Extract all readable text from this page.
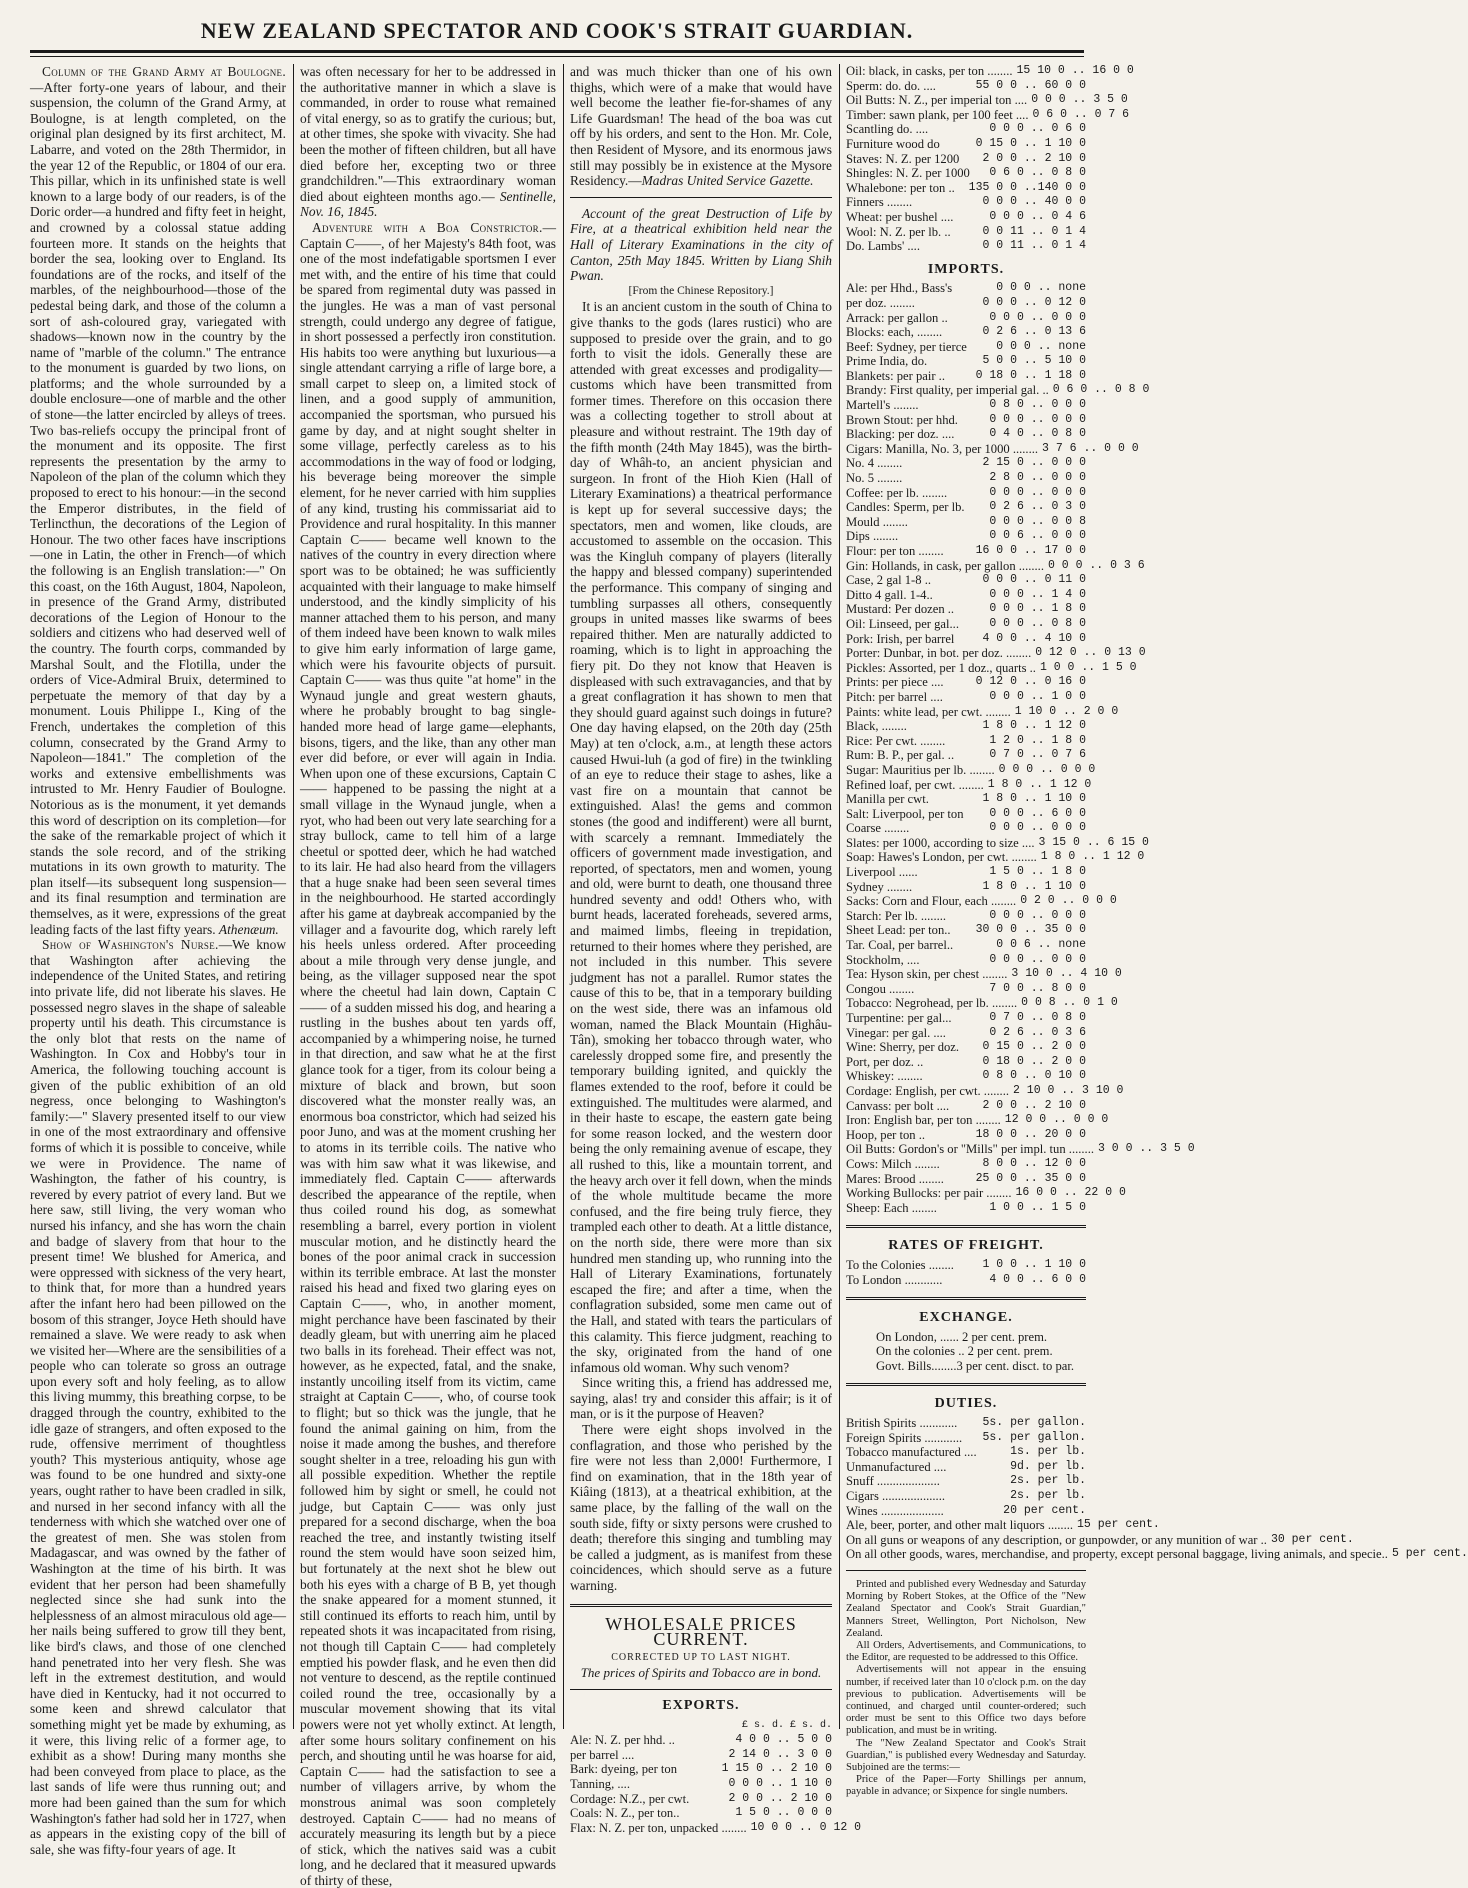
NEW ZEALAND SPECTATOR AND COOK'S STRAIT GUARDIAN.

Column of the Grand Army at Boulogne.—After forty-one years of labour, and their suspension, the column of the Grand Army, at Boulogne, is at length completed, on the original plan designed by its first architect, M. Labarre, and voted on the 28th Thermidor, in the year 12 of the Republic, or 1804 of our era. This pillar, which in its unfinished state is well known to a large body of our readers, is of the Doric order—a hundred and fifty feet in height, and crowned by a colossal statue adding fourteen more. It stands on the heights that border the sea, looking over to England. Its foundations are of the rocks, and itself of the marbles, of the neighbourhood—those of the pedestal being dark, and those of the column a sort of ash-coloured gray, variegated with shadows—known now in the country by the name of "marble of the column." The entrance to the monument is guarded by two lions, on platforms; and the whole surrounded by a double enclosure—one of marble and the other of stone—the latter encircled by alleys of trees. Two bas-reliefs occupy the principal front of the monument and its opposite. The first represents the presentation by the army to Napoleon of the plan of the column which they proposed to erect to his honour:—in the second the Emperor distributes, in the field of Terlincthun, the decorations of the Legion of Honour. The two other faces have inscriptions—one in Latin, the other in French—of which the following is an English translation:—" On this coast, on the 16th August, 1804, Napoleon, in presence of the Grand Army, distributed decorations of the Legion of Honour to the soldiers and citizens who had deserved well of the country. The fourth corps, commanded by Marshal Soult, and the Flotilla, under the orders of Vice-Admiral Bruix, determined to perpetuate the memory of that day by a monument. Louis Philippe I., King of the French, undertakes the completion of this column, consecrated by the Grand Army to Napoleon—1841." The completion of the works and extensive embellishments was intrusted to Mr. Henry Faudier of Boulogne. Notorious as is the monument, it yet demands this word of description on its completion—for the sake of the remarkable project of which it stands the sole record, and of the striking mutations in its own growth to maturity. The plan itself—its subsequent long suspension—and its final resumption and termination are themselves, as it were, expressions of the great leading facts of the last fifty years. Athenæum.

Show of Washington's Nurse.—We know that Washington after achieving the independence of the United States, and retiring into private life, did not liberate his slaves. He possessed negro slaves in the shape of saleable property until his death. This circumstance is the only blot that rests on the name of Washington. In Cox and Hobby's tour in America, the following touching account is given of the public exhibition of an old negress, once belonging to Washington's family:—" Slavery presented itself to our view in one of the most extraordinary and offensive forms of which it is possible to conceive, while we were in Providence. The name of Washington, the father of his country, is revered by every patriot of every land. But we here saw, still living, the very woman who nursed his infancy, and she has worn the chain and badge of slavery from that hour to the present time! We blushed for America, and were oppressed with sickness of the very heart, to think that, for more than a hundred years after the infant hero had been pillowed on the bosom of this stranger, Joyce Heth should have remained a slave. We were ready to ask when we visited her—Where are the sensibilities of a people who can tolerate so gross an outrage upon every soft and holy feeling, as to allow this living mummy, this breathing corpse, to be dragged through the country, exhibited to the idle gaze of strangers, and often exposed to the rude, offensive merriment of thoughtless youth? This mysterious antiquity, whose age was found to be one hundred and sixty-one years, ought rather to have been cradled in silk, and nursed in her second infancy with all the tenderness with which she watched over one of the greatest of men. She was stolen from Madagascar, and was owned by the father of Washington at the time of his birth. It was evident that her person had been shamefully neglected since she had sunk into the helplessness of an almost miraculous old age—her nails being suffered to grow till they bent, like bird's claws, and those of one clenched hand penetrated into her very flesh. She was left in the extremest destitution, and would have died in Kentucky, had it not occurred to some keen and shrewd calculator that something might yet be made by exhuming, as it were, this living relic of a former age, to exhibit as a show! During many months she had been conveyed from place to place, as the last sands of life were thus running out; and more had been gained than the sum for which Washington's father had sold her in 1727, when as appears in the existing copy of the bill of sale, she was fifty-four years of age. It

was often necessary for her to be addressed in the authoritative manner in which a slave is commanded, in order to rouse what remained of vital energy, so as to gratify the curious; but, at other times, she spoke with vivacity. She had been the mother of fifteen children, but all have died before her, excepting two or three grandchildren."—This extraordinary woman died about eighteen months ago.— Sentinelle, Nov. 16, 1845.

Adventure with a Boa Constrictor.—Captain C——, of her Majesty's 84th foot, was one of the most indefatigable sportsmen I ever met with, and the entire of his time that could be spared from regimental duty was passed in the jungles. He was a man of vast personal strength, could undergo any degree of fatigue, in short possessed a perfectly iron constitution. His habits too were anything but luxurious—a single attendant carrying a rifle of large bore, a small carpet to sleep on, a limited stock of linen, and a good supply of ammunition, accompanied the sportsman, who pursued his game by day, and at night sought shelter in some village, perfectly careless as to his accommodations in the way of food or lodging, his beverage being moreover the simple element, for he never carried with him supplies of any kind, trusting his commissariat aid to Providence and rural hospitality. In this manner Captain C—— became well known to the natives of the country in every direction where sport was to be obtained; he was sufficiently acquainted with their language to make himself understood, and the kindly simplicity of his manner attached them to his person, and many of them indeed have been known to walk miles to give him early information of large game, which were his favourite objects of pursuit. Captain C—— was thus quite "at home" in the Wynaud jungle and great western ghauts, where he probably brought to bag single-handed more head of large game—elephants, bisons, tigers, and the like, than any other man ever did before, or ever will again in India. When upon one of these excursions, Captain C—— happened to be passing the night at a small village in the Wynaud jungle, when a ryot, who had been out very late searching for a stray bullock, came to tell him of a large cheetul or spotted deer, which he had watched to its lair. He had also heard from the villagers that a huge snake had been seen several times in the neighbourhood. He started accordingly after his game at daybreak accompanied by the villager and a favourite dog, which rarely left his heels unless ordered. After proceeding about a mile through very dense jungle, and being, as the villager supposed near the spot where the cheetul had lain down, Captain C—— of a sudden missed his dog, and hearing a rustling in the bushes about ten yards off, accompanied by a whimpering noise, he turned in that direction, and saw what he at the first glance took for a tiger, from its colour being a mixture of black and brown, but soon discovered what the monster really was, an enormous boa constrictor, which had seized his poor Juno, and was at the moment crushing her to atoms in its terrible coils. The native who was with him saw what it was likewise, and immediately fled. Captain C—— afterwards described the appearance of the reptile, when thus coiled round his dog, as somewhat resembling a barrel, every portion in violent muscular motion, and he distinctly heard the bones of the poor animal crack in succession within its terrible embrace. At last the monster raised his head and fixed two glaring eyes on Captain C——, who, in another moment, might perchance have been fascinated by their deadly gleam, but with unerring aim he placed two balls in its forehead. Their effect was not, however, as he expected, fatal, and the snake, instantly uncoiling itself from its victim, came straight at Captain C——, who, of course took to flight; but so thick was the jungle, that he found the animal gaining on him, from the noise it made among the bushes, and therefore sought shelter in a tree, reloading his gun with all possible expedition. Whether the reptile followed him by sight or smell, he could not judge, but Captain C—— was only just prepared for a second discharge, when the boa reached the tree, and instantly twisting itself round the stem would have soon seized him, but fortunately at the next shot he blew out both his eyes with a charge of B B, yet though the snake appeared for a moment stunned, it still continued its efforts to reach him, until by repeated shots it was incapacitated from rising, not though till Captain C—— had completely emptied his powder flask, and he even then did not venture to descend, as the reptile continued coiled round the tree, occasionally by a muscular movement showing that its vital powers were not yet wholly extinct. At length, after some hours solitary confinement on his perch, and shouting until he was hoarse for aid, Captain C—— had the satisfaction to see a number of villagers arrive, by whom the monstrous animal was soon completely destroyed. Captain C—— had no means of accurately measuring its length but by a piece of stick, which the natives said was a cubit long, and he declared that it measured upwards of thirty of these,

and was much thicker than one of his own thighs, which were of a make that would have well become the leather fie-for-shames of any Life Guardsman! The head of the boa was cut off by his orders, and sent to the Hon. Mr. Cole, then Resident of Mysore, and its enormous jaws still may possibly be in existence at the Mysore Residency.—Madras United Service Gazette.

Account of the great Destruction of Life by Fire, at a theatrical exhibition held near the Hall of Literary Examinations in the city of Canton, 25th May 1845. Written by Liang Shih Pwan.

[From the Chinese Repository.]

It is an ancient custom in the south of China to give thanks to the gods (lares rustici) who are supposed to preside over the grain, and to go forth to visit the idols. Generally these are attended with great excesses and prodigality—customs which have been transmitted from former times. Therefore on this occasion there was a collecting together to stroll about at pleasure and without restraint. The 19th day of the fifth month (24th May 1845), was the birth-day of Whâh-to, an ancient physician and surgeon. In front of the Hioh Kien (Hall of Literary Examinations) a theatrical performance is kept up for several successive days; the spectators, men and women, like clouds, are accustomed to assemble on the occasion. This was the Kingluh company of players (literally the happy and blessed company) superintended the performance. This company of singing and tumbling surpasses all others, consequently groups in united masses like swarms of bees repaired thither. Men are naturally addicted to roaming, which is to light in approaching the fiery pit. Do they not know that Heaven is displeased with such extravagancies, and that by a great conflagration it has shown to men that they should guard against such doings in future? One day having elapsed, on the 20th day (25th May) at ten o'clock, a.m., at length these actors caused Hwui-luh (a god of fire) in the twinkling of an eye to reduce their stage to ashes, like a vast fire on a mountain that cannot be extinguished. Alas! the gems and common stones (the good and indifferent) were all burnt, with scarcely a remnant. Immediately the officers of government made investigation, and reported, of spectators, men and women, young and old, were burnt to death, one thousand three hundred seventy and odd! Others who, with burnt heads, lacerated foreheads, severed arms, and maimed limbs, fleeing in trepidation, returned to their homes where they perished, are not included in this number. This severe judgment has not a parallel. Rumor states the cause of this to be, that in a temporary building on the west side, there was an infamous old woman, named the Black Mountain (Highâu-Tân), smoking her tobacco through water, who carelessly dropped some fire, and presently the temporary building ignited, and quickly the flames extended to the roof, before it could be extinguished. The multitudes were alarmed, and in their haste to escape, the eastern gate being for some reason locked, and the western door being the only remaining avenue of escape, they all rushed to this, like a mountain torrent, and the heavy arch over it fell down, when the minds of the whole multitude became the more confused, and the fire being truly fierce, they trampled each other to death. At a little distance, on the north side, there were more than six hundred men standing up, who running into the Hall of Literary Examinations, fortunately escaped the fire; and after a time, when the conflagration subsided, some men came out of the Hall, and stated with tears the particulars of this calamity. This fierce judgment, reaching to the sky, originated from the hand of one infamous old woman. Why such venom?

Since writing this, a friend has addressed me, saying, alas! try and consider this affair; is it of man, or is it the purpose of Heaven?

There were eight shops involved in the conflagration, and those who perished by the fire were not less than 2,000! Furthermore, I find on examination, that in the 18th year of Kiâing (1813), at a theatrical exhibition, at the same place, by the falling of the wall on the south side, fifty or sixty persons were crushed to death; therefore this singing and tumbling may be called a judgment, as is manifest from these coincidences, which should serve as a future warning.

WHOLESALE PRICES CURRENT.
CORRECTED UP TO LAST NIGHT.
The prices of Spirits and Tobacco are in bond.
EXPORTS.
£ s. d. £ s. d.
Ale: N. Z. per hhd. ..	4 0 0 .. 5 0 0
per barrel ....	2 14 0 .. 3 0 0
Bark: dyeing, per ton	1 15 0 .. 2 10 0
Tanning, ....	0 0 0 .. 1 10 0
Cordage: N.Z., per cwt.	2 0 0 .. 2 10 0
Coals: N. Z., per ton..	1 5 0 .. 0 0 0
Flax: N. Z. per ton, unpacked ........ 10 0 0 .. 0 12 0
Oil: black, in casks, per ton ........ 15 10 0 .. 16 0 0
Sperm: do. do. ....	55 0 0 .. 60 0 0
Oil Butts: N. Z., per imperial ton .... 0 0 0 .. 3 5 0
Timber: sawn plank, per 100 feet .... 0 6 0 .. 0 7 6
Scantling do. ....	0 0 0 .. 0 6 0
Furniture wood do	0 15 0 .. 1 10 0
Staves: N. Z. per 1200	2 0 0 .. 2 10 0
Shingles: N. Z. per 1000	0 6 0 .. 0 8 0
Whalebone: per ton ..	135 0 0 ..140 0 0
Finners ........	0 0 0 .. 40 0 0
Wheat: per bushel ....	0 0 0 .. 0 4 6
Wool: N. Z. per lb. ..	0 0 11 .. 0 1 4
Do. Lambs' ....	0 0 11 .. 0 1 4
IMPORTS.
Ale: per Hhd., Bass's	0 0 0 .. none
per doz. ........	0 0 0 .. 0 12 0
Arrack: per gallon ..	0 0 0 .. 0 0 0
Blocks: each, ........	0 2 6 .. 0 13 6
Beef: Sydney, per tierce	0 0 0 .. none
Prime India, do.	5 0 0 .. 5 10 0
Blankets: per pair ..	0 18 0 .. 1 18 0
Brandy: First quality, per imperial gal. .. 0 6 0 .. 0 8 0
Martell's ........	0 8 0 .. 0 0 0
Brown Stout: per hhd.	0 0 0 .. 0 0 0
Blacking: per doz. ....	0 4 0 .. 0 8 0
Cigars: Manilla, No. 3, per 1000 ........ 3 7 6 .. 0 0 0
No. 4 ........	2 15 0 .. 0 0 0
No. 5 ........	2 8 0 .. 0 0 0
Coffee: per lb. ........	0 0 0 .. 0 0 0
Candles: Sperm, per lb.	0 2 6 .. 0 3 0
Mould ........	0 0 0 .. 0 0 8
Dips ........	0 0 6 .. 0 0 0
Flour: per ton ........	16 0 0 .. 17 0 0
Gin: Hollands, in cask, per gallon ........ 0 0 0 .. 0 3 6
Case, 2 gal 1-8 ..	0 0 0 .. 0 11 0
Ditto 4 gall. 1-4..	0 0 0 .. 1 4 0
Mustard: Per dozen ..	0 0 0 .. 1 8 0
Oil: Linseed, per gal...	0 0 0 .. 0 8 0
Pork: Irish, per barrel	4 0 0 .. 4 10 0
Porter: Dunbar, in bot. per doz. ........ 0 12 0 .. 0 13 0
Pickles: Assorted, per 1 doz., quarts .. 1 0 0 .. 1 5 0
Prints: per piece ....	0 12 0 .. 0 16 0
Pitch: per barrel ....	0 0 0 .. 1 0 0
Paints: white lead, per cwt. ........ 1 10 0 .. 2 0 0
Black, ........	1 8 0 .. 1 12 0
Rice: Per cwt. ........	1 2 0 .. 1 8 0
Rum: B. P., per gal. ..	0 7 0 .. 0 7 6
Sugar: Mauritius per lb. ........ 0 0 0 .. 0 0 0
Refined loaf, per cwt. ........ 1 8 0 .. 1 12 0
Manilla per cwt.	1 8 0 .. 1 10 0
Salt: Liverpool, per ton	0 0 0 .. 6 0 0
Coarse ........	0 0 0 .. 0 0 0
Slates: per 1000, according to size .... 3 15 0 .. 6 15 0
Soap: Hawes's London, per cwt. ........ 1 8 0 .. 1 12 0
Liverpool ......	1 5 0 .. 1 8 0
Sydney ........	1 8 0 .. 1 10 0
Sacks: Corn and Flour, each ........ 0 2 0 .. 0 0 0
Starch: Per lb. ........	0 0 0 .. 0 0 0
Sheet Lead: per ton..	30 0 0 .. 35 0 0
Tar. Coal, per barrel..	0 0 6 .. none
Stockholm, ....	0 0 0 .. 0 0 0
Tea: Hyson skin, per chest ........ 3 10 0 .. 4 10 0
Congou ........	7 0 0 .. 8 0 0
Tobacco: Negrohead, per lb. ........ 0 0 8 .. 0 1 0
Turpentine: per gal...	0 7 0 .. 0 8 0
Vinegar: per gal. ....	0 2 6 .. 0 3 6
Wine: Sherry, per doz.	0 15 0 .. 2 0 0
Port, per doz. ..	0 18 0 .. 2 0 0
Whiskey: ........	0 8 0 .. 0 10 0
Cordage: English, per cwt. ........ 2 10 0 .. 3 10 0
Canvass: per bolt ....	2 0 0 .. 2 10 0
Iron: English bar, per ton ........ 12 0 0 .. 0 0 0
Hoop, per ton ..	18 0 0 .. 20 0 0
Oil Butts: Gordon's or "Mills" per impl. tun ........ 3 0 0 .. 3 5 0
Cows: Milch ........	8 0 0 .. 12 0 0
Mares: Brood ........	25 0 0 .. 35 0 0
Working Bullocks: per pair ........ 16 0 0 .. 22 0 0
Sheep: Each ........	1 0 0 .. 1 5 0
RATES OF FREIGHT.
To the Colonies ........	1 0 0 .. 1 10 0
To London ............	4 0 0 .. 6 0 0
EXCHANGE.
On London, ...... 2 per cent. prem.
On the colonies .. 2 per cent. prem.
Govt. Bills........3 per cent. disct. to par.
DUTIES.
British Spirits ............	5s. per gallon.
Foreign Spirits ............	5s. per gallon.
Tobacco manufactured ....	1s. per lb.
Unmanufactured ....	9d. per lb.
Snuff ....................	2s. per lb.
Cigars ....................	2s. per lb.
Wines ....................	20 per cent.
Ale, beer, porter, and other malt liquors ........ 15 per cent.
On all guns or weapons of any description, or gunpowder, or any munition of war .. 30 per cent.
On all other goods, wares, merchandise, and property, except personal baggage, living animals, and specie.. 5 per cent.

Printed and published every Wednesday and Saturday Morning by Robert Stokes, at the Office of the "New Zealand Spectator and Cook's Strait Guardian," Manners Street, Wellington, Port Nicholson, New Zealand.

All Orders, Advertisements, and Communications, to the Editor, are requested to be addressed to this Office.

Advertisements will not appear in the ensuing number, if received later than 10 o'clock p.m. on the day previous to publication. Advertisements will be continued, and charged until counter-ordered; such order must be sent to this Office two days before publication, and must be in writing.

The "New Zealand Spectator and Cook's Strait Guardian," is published every Wednesday and Saturday. Subjoined are the terms:—

Price of the Paper—Forty Shillings per annum, payable in advance; or Sixpence for single numbers.
